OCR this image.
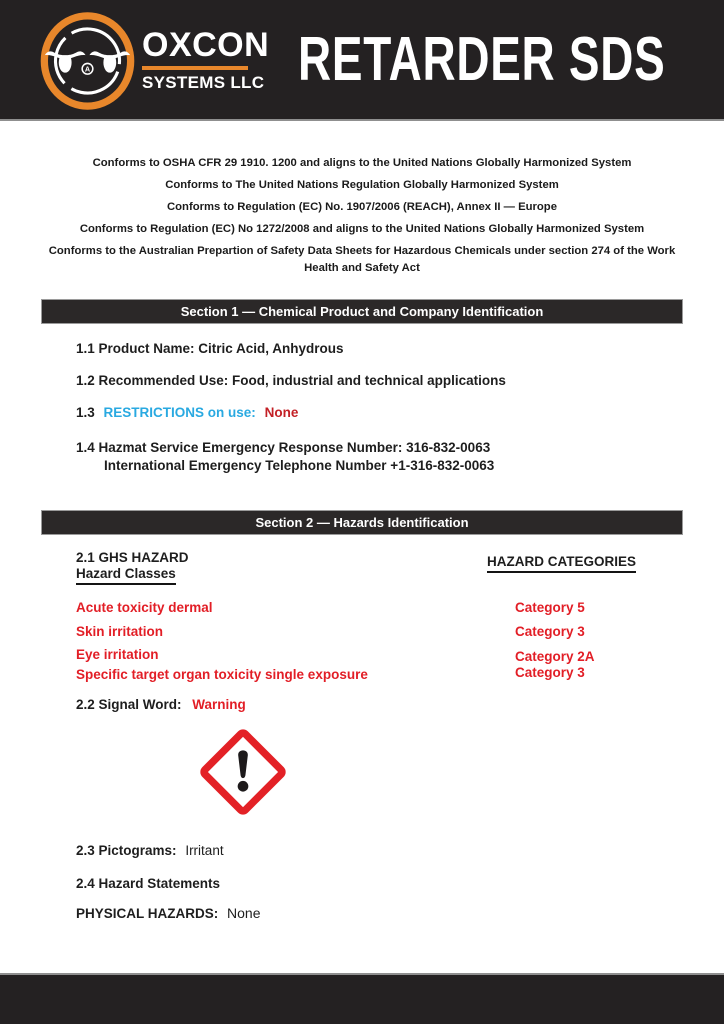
A
OXCON
SYSTEMS LLC RETARDER SDS

Conforms to OSHA CFR 29 1910. 1200 and aligns to the United Nations Globally Harmonized System

Conforms to The United Nations Regulation Globally Harmonized System

Conforms to Regulation (EC) No. 1907/2006 (REACH), Annex II — Europe

Conforms to Regulation (EC) No 1272/2008 and aligns to the United Nations Globally Harmonized System

Conforms to the Australian Prepartion of Safety Data Sheets for Hazardous Chemicals under section 274 of the Work Health and Safety Act

Section 1 — Chemical Product and Company Identification
1.1 Product Name: Citric Acid, Anhydrous
1.2 Recommended Use: Food, industrial and technical applications
1.3 RESTRICTIONS on use: None
1.4 Hazmat Service Emergency Response Number: 316-832-0063
International Emergency Telephone Number +1-316-832-0063
Section 2 — Hazards Identification
2.1 GHS HAZARD
Hazard Classes
HAZARD CATEGORIES
Acute toxicity dermal	Category 5
Skin irritation	Category 3
Eye irritation	Category 2A
Specific target organ toxicity single exposure	Category 3
2.2 Signal Word: Warning
2.3 Pictograms: Irritant
2.4 Hazard Statements
PHYSICAL HAZARDS: None
